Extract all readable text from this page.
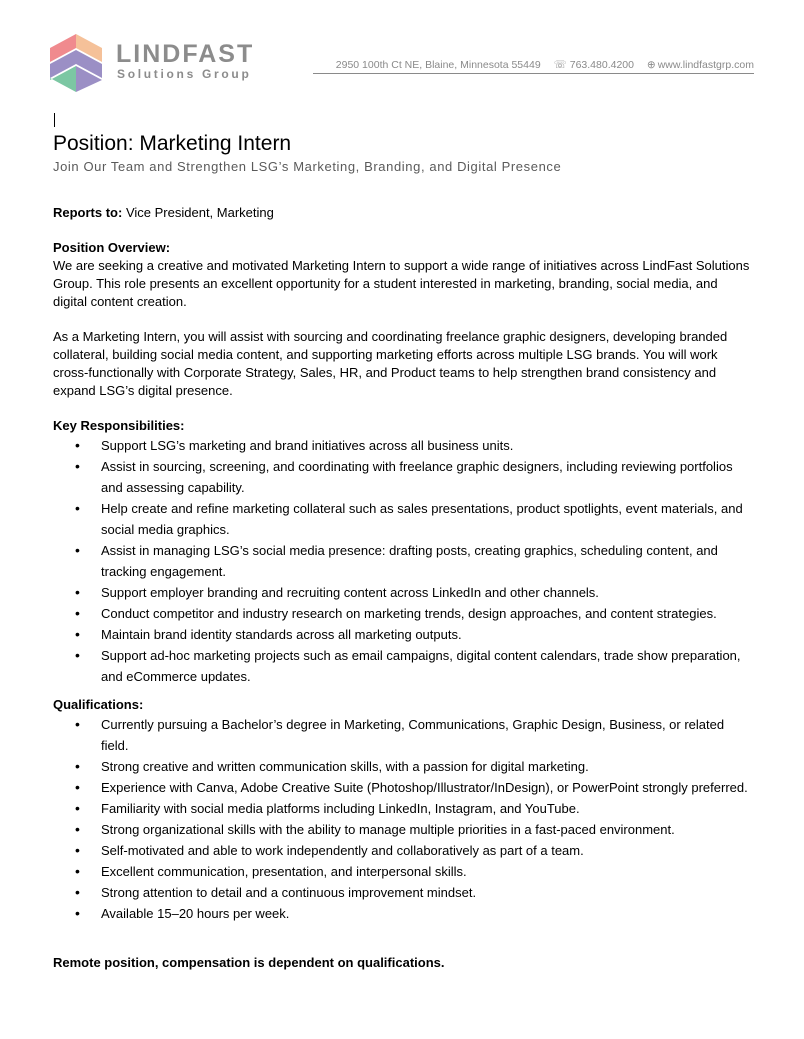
LINDFAST
Solutions Group
2950 100th Ct NE, Blaine, Minnesota 55449 ☏ 763.480.4200 ⊕ www.lindfastgrp.com
Position: Marketing Intern
Join Our Team and Strengthen LSG’s Marketing, Branding, and Digital Presence

Reports to: Vice President, Marketing

Position Overview:

We are seeking a creative and motivated Marketing Intern to support a wide range of initiatives across LindFast Solutions Group. This role presents an excellent opportunity for a student interested in marketing, branding, social media, and digital content creation.

As a Marketing Intern, you will assist with sourcing and coordinating freelance graphic designers, developing branded collateral, building social media content, and supporting marketing efforts across multiple LSG brands. You will work cross-functionally with Corporate Strategy, Sales, HR, and Product teams to help strengthen brand consistency and expand LSG’s digital presence.

Key Responsibilities:

• Support LSG’s marketing and brand initiatives across all business units.
• Assist in sourcing, screening, and coordinating with freelance graphic designers, including reviewing portfolios and assessing capability.
• Help create and refine marketing collateral such as sales presentations, product spotlights, event materials, and social media graphics.
• Assist in managing LSG’s social media presence: drafting posts, creating graphics, scheduling content, and tracking engagement.
• Support employer branding and recruiting content across LinkedIn and other channels.
• Conduct competitor and industry research on marketing trends, design approaches, and content strategies.
• Maintain brand identity standards across all marketing outputs.
• Support ad-hoc marketing projects such as email campaigns, digital content calendars, trade show preparation, and eCommerce updates.

Qualifications:

• Currently pursuing a Bachelor’s degree in Marketing, Communications, Graphic Design, Business, or related field.
• Strong creative and written communication skills, with a passion for digital marketing.
• Experience with Canva, Adobe Creative Suite (Photoshop/Illustrator/InDesign), or PowerPoint strongly preferred.
• Familiarity with social media platforms including LinkedIn, Instagram, and YouTube.
• Strong organizational skills with the ability to manage multiple priorities in a fast-paced environment.
• Self-motivated and able to work independently and collaboratively as part of a team.
• Excellent communication, presentation, and interpersonal skills.
• Strong attention to detail and a continuous improvement mindset.
• Available 15–20 hours per week.

Remote position, compensation is dependent on qualifications.
